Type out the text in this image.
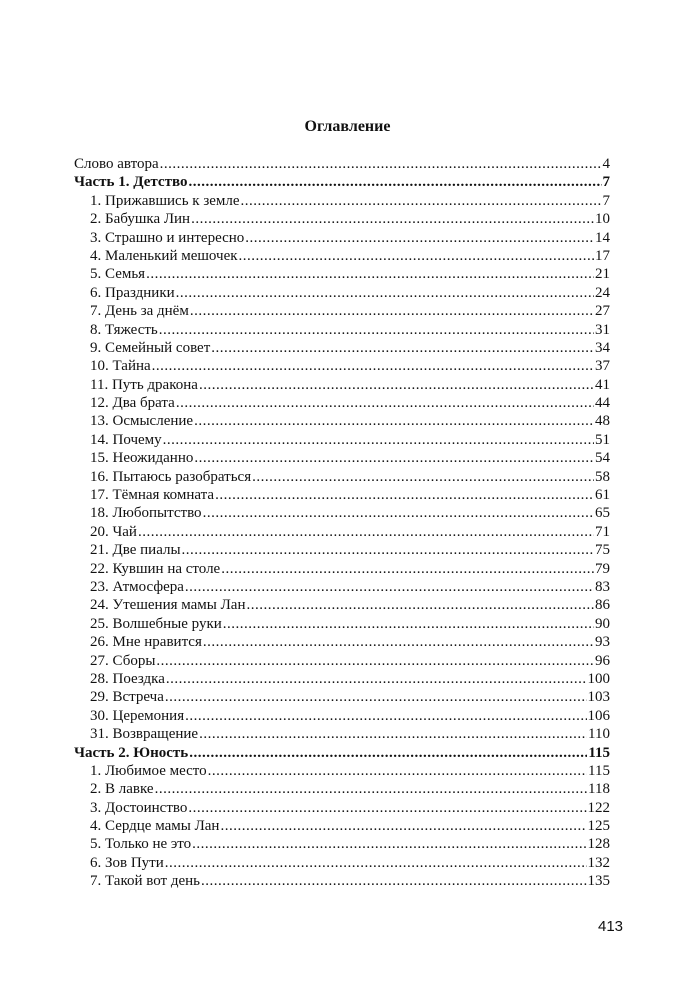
Оглавление
Слово автора .....	4
Часть 1. Детство .....	7
1. Прижавшись к земле .....	7
2. Бабушка Лин .....	10
3. Страшно и интересно .....	14
4. Маленький мешочек .....	17
5. Семья .....	21
6. Праздники .....	24
7. День за днём .....	27
8. Тяжесть .....	31
9. Семейный совет .....	34
10. Тайна .....	37
11. Путь дракона .....	41
12. Два брата .....	44
13. Осмысление .....	48
14. Почему .....	51
15. Неожиданно .....	54
16. Пытаюсь разобраться .....	58
17. Тёмная комната .....	61
18. Любопытство .....	65
20. Чай .....	71
21. Две пиалы .....	75
22. Кувшин на столе .....	79
23. Атмосфера .....	83
24. Утешения мамы Лан .....	86
25. Волшебные руки .....	90
26. Мне нравится .....	93
27. Сборы .....	96
28. Поездка .....	100
29. Встреча .....	103
30. Церемония .....	106
31. Возвращение .....	110
Часть 2. Юность .....	115
1. Любимое место .....	115
2. В лавке .....	118
3. Достоинство .....	122
4. Сердце мамы Лан .....	125
5. Только не это .....	128
6. Зов Пути .....	132
7. Такой вот день .....	135
413
